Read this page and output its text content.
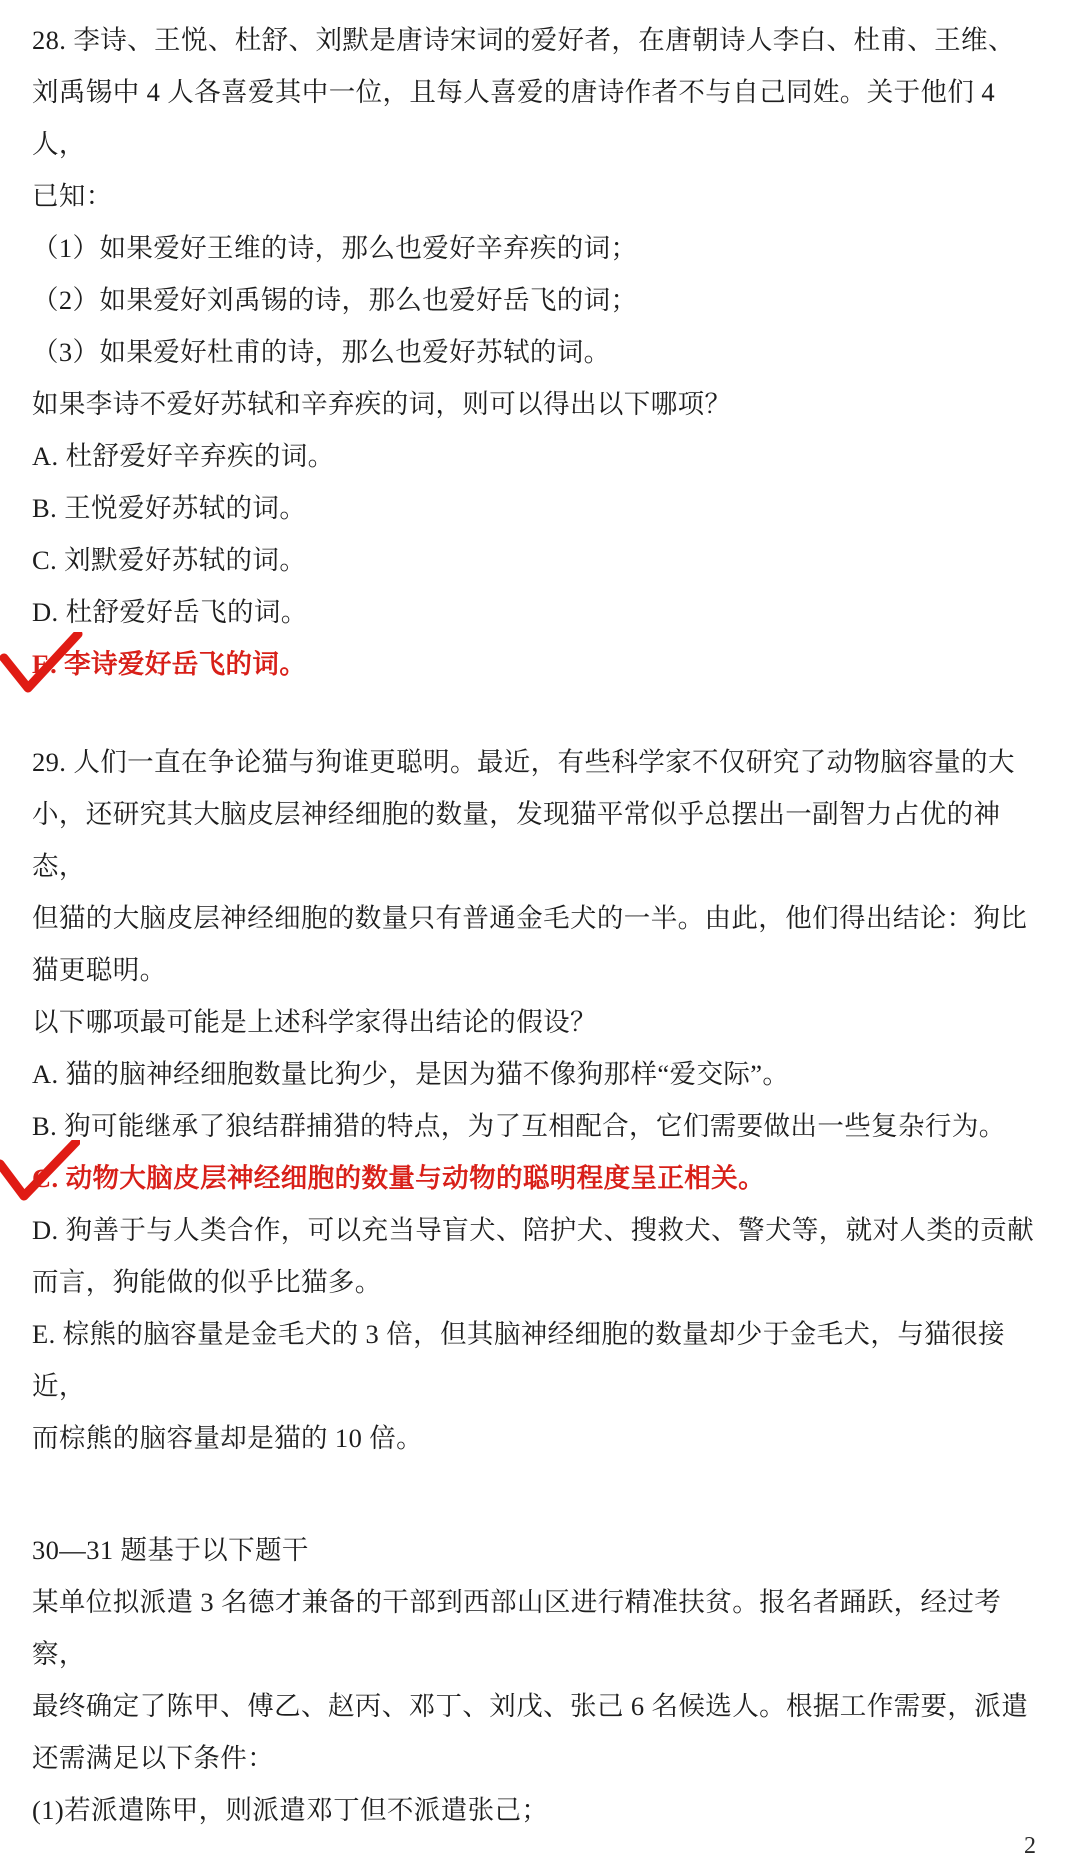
28. 李诗、王悦、杜舒、刘默是唐诗宋词的爱好者，在唐朝诗人李白、杜甫、王维、
刘禹锡中 4 人各喜爱其中一位，且每人喜爱的唐诗作者不与自己同姓。关于他们 4 人，
已知：
（1）如果爱好王维的诗，那么也爱好辛弃疾的词；
（2）如果爱好刘禹锡的诗，那么也爱好岳飞的词；
（3）如果爱好杜甫的诗，那么也爱好苏轼的词。
如果李诗不爱好苏轼和辛弃疾的词，则可以得出以下哪项？
A. 杜舒爱好辛弃疾的词。
B. 王悦爱好苏轼的词。
C. 刘默爱好苏轼的词。
D. 杜舒爱好岳飞的词。
E. 李诗爱好岳飞的词。
29. 人们一直在争论猫与狗谁更聪明。最近，有些科学家不仅研究了动物脑容量的大
小，还研究其大脑皮层神经细胞的数量，发现猫平常似乎总摆出一副智力占优的神态，
但猫的大脑皮层神经细胞的数量只有普通金毛犬的一半。由此，他们得出结论：狗比
猫更聪明。
以下哪项最可能是上述科学家得出结论的假设？
A. 猫的脑神经细胞数量比狗少，是因为猫不像狗那样“爱交际”。
B. 狗可能继承了狼结群捕猎的特点，为了互相配合，它们需要做出一些复杂行为。
C. 动物大脑皮层神经细胞的数量与动物的聪明程度呈正相关。
D. 狗善于与人类合作，可以充当导盲犬、陪护犬、搜救犬、警犬等，就对人类的贡献
而言，狗能做的似乎比猫多。
E. 棕熊的脑容量是金毛犬的 3 倍，但其脑神经细胞的数量却少于金毛犬，与猫很接近，
而棕熊的脑容量却是猫的 10 倍。
30—31 题基于以下题干
某单位拟派遣 3 名德才兼备的干部到西部山区进行精准扶贫。报名者踊跃，经过考察，
最终确定了陈甲、傅乙、赵丙、邓丁、刘戊、张己 6 名候选人。根据工作需要，派遣
还需满足以下条件：
(1)若派遣陈甲，则派遣邓丁但不派遣张己；
2
